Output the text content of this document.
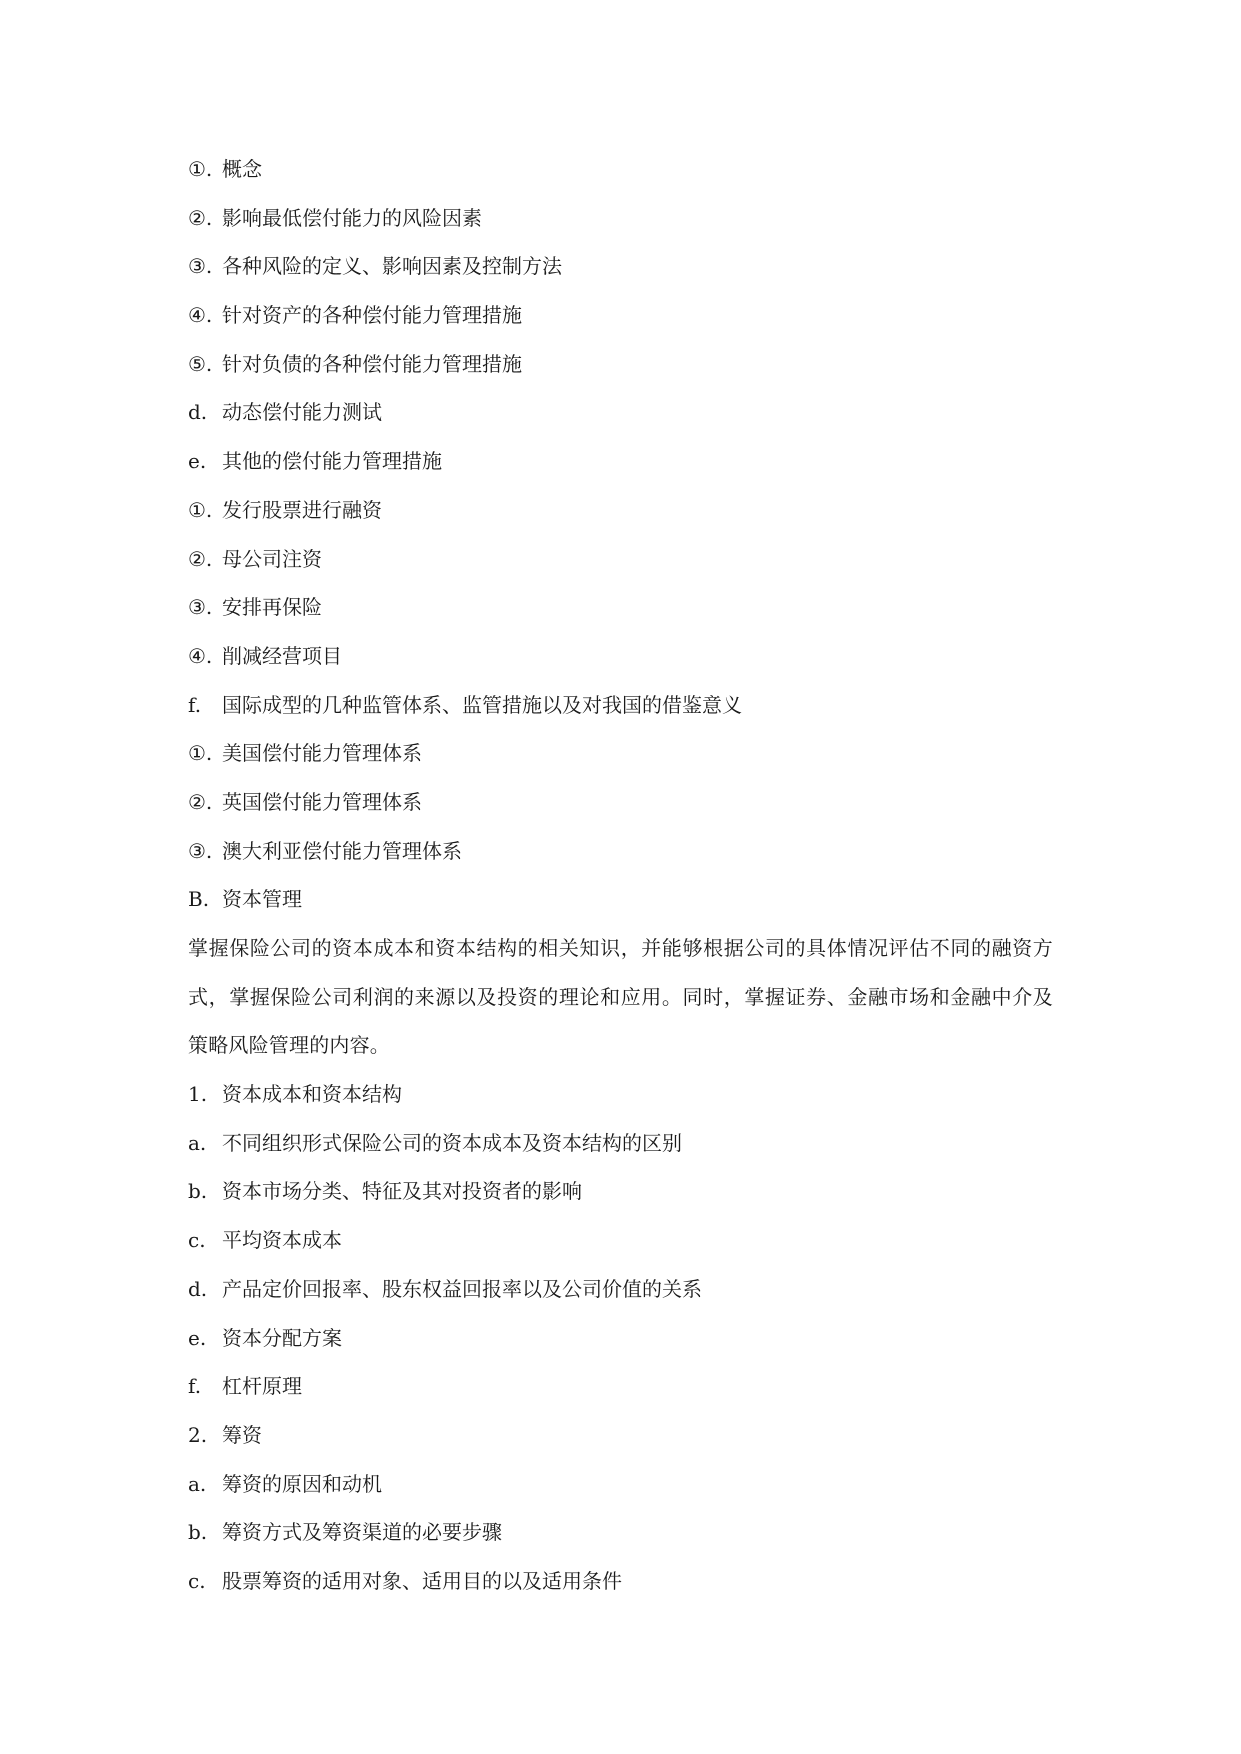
①. 概念
②. 影响最低偿付能力的风险因素
③. 各种风险的定义、影响因素及控制方法
④. 针对资产的各种偿付能力管理措施
⑤. 针对负债的各种偿付能力管理措施
d. 动态偿付能力测试
e. 其他的偿付能力管理措施
①. 发行股票进行融资
②. 母公司注资
③. 安排再保险
④. 削减经营项目
f. 国际成型的几种监管体系、监管措施以及对我国的借鉴意义
①. 美国偿付能力管理体系
②. 英国偿付能力管理体系
③. 澳大利亚偿付能力管理体系
B. 资本管理
掌握保险公司的资本成本和资本结构的相关知识，并能够根据公司的具体情况评估不同的融资方式，掌握保险公司利润的来源以及投资的理论和应用。同时，掌握证券、金融市场和金融中介及策略风险管理的内容。
1. 资本成本和资本结构
a. 不同组织形式保险公司的资本成本及资本结构的区别
b. 资本市场分类、特征及其对投资者的影响
c. 平均资本成本
d. 产品定价回报率、股东权益回报率以及公司价值的关系
e. 资本分配方案
f. 杠杆原理
2. 筹资
a. 筹资的原因和动机
b. 筹资方式及筹资渠道的必要步骤
c. 股票筹资的适用对象、适用目的以及适用条件
